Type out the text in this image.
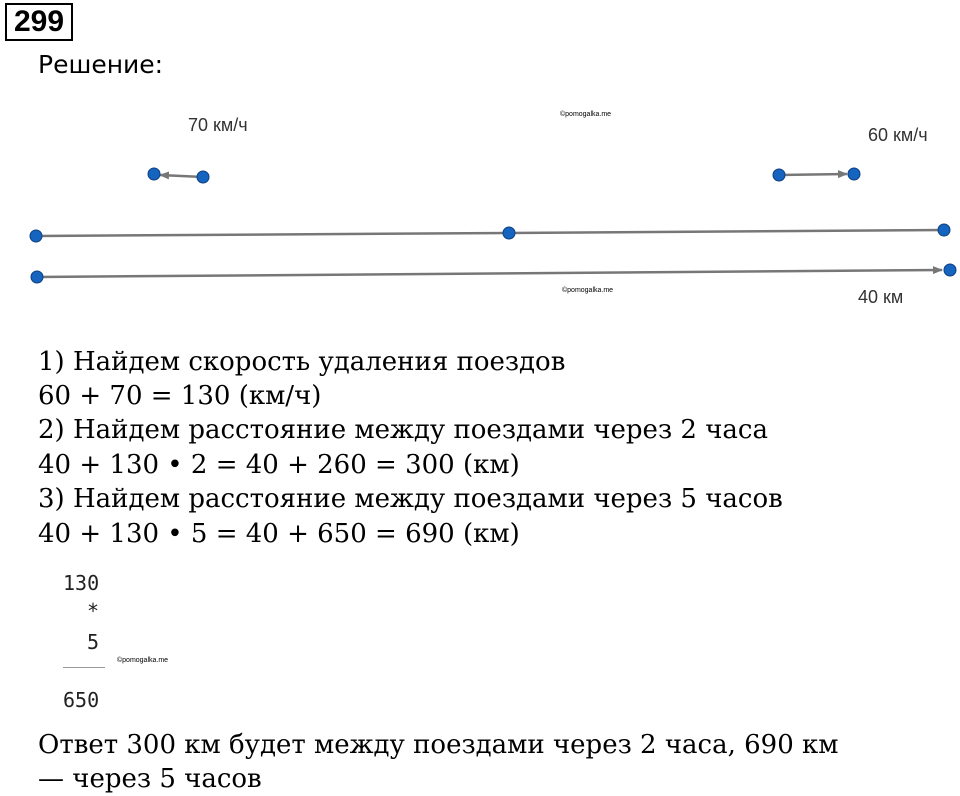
299
Решение:
©pomogalka.me
70 км/ч	60 км/ч
©pomogalka.me	40 км
1) Найдем скорость удаления поездов
60 + 70 = 130 (км/ч)
2) Найдем расстояние между поездами через 2 часа
40 + 130 • 2 = 40 + 260 = 300 (км)
3) Найдем расстояние между поездами через 5 часов
40 + 130 • 5 = 40 + 650 = 690 (км)
130
*
5
©pomogalka.me
650
Ответ 300 км будет между поездами через 2 часа, 690 км
— через 5 часов
